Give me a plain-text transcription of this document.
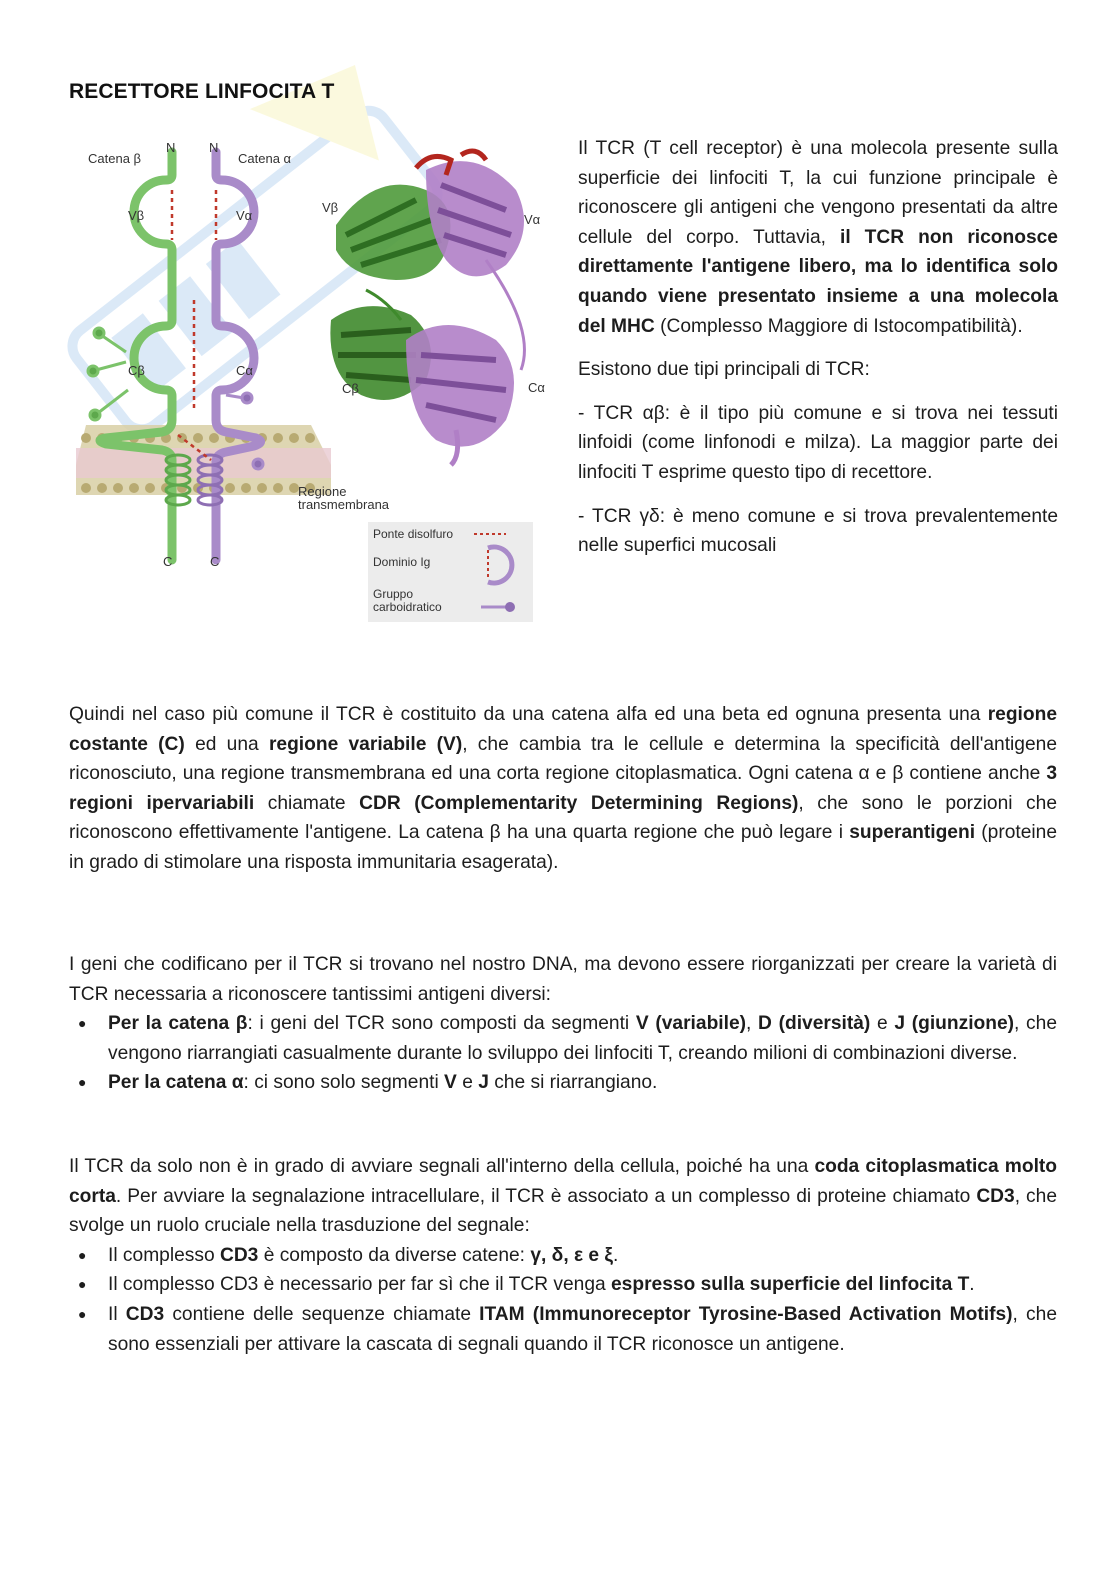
RECETTORE LINFOCITA T
Catena β
N	N
Catena α
Vβ	Vα
Cβ	Cα
C	C
Regione
transmembrana
Vβ
Vα
Cβ	Cα
Ponte disolfuro
Dominio Ig
Gruppo
carboidratico

Il TCR (T cell receptor) è una molecola presente sulla superficie dei linfociti T, la cui funzione principale è riconoscere gli antigeni che vengono presentati da altre cellule del corpo. Tuttavia, il TCR non riconosce direttamente l'antigene libero, ma lo identifica solo quando viene presentato insieme a una molecola del MHC (Complesso Maggiore di Istocompatibilità).

Esistono due tipi principali di TCR:

- TCR αβ: è il tipo più comune e si trova nei tessuti linfoidi (come linfonodi e milza). La maggior parte dei linfociti T esprime questo tipo di recettore.

- TCR γδ: è meno comune e si trova prevalentemente nelle superfici mucosali

Quindi nel caso più comune il TCR è costituito da una catena alfa ed una beta ed ognuna presenta una regione costante (C) ed una regione variabile (V), che cambia tra le cellule e determina la specificità dell'antigene riconosciuto, una regione transmembrana ed una corta regione citoplasmatica. Ogni catena α e β contiene anche 3 regioni ipervariabili chiamate CDR (Complementarity Determining Regions), che sono le porzioni che riconoscono effettivamente l'antigene. La catena β ha una quarta regione che può legare i superantigeni (proteine in grado di stimolare una risposta immunitaria esagerata).

I geni che codificano per il TCR si trovano nel nostro DNA, ma devono essere riorganizzati per creare la varietà di TCR necessaria a riconoscere tantissimi antigeni diversi:

● Per la catena β: i geni del TCR sono composti da segmenti V (variabile), D (diversità) e J (giunzione), che vengono riarrangiati casualmente durante lo sviluppo dei linfociti T, creando milioni di combinazioni diverse.
● Per la catena α: ci sono solo segmenti V e J che si riarrangiano.

Il TCR da solo non è in grado di avviare segnali all'interno della cellula, poiché ha una coda citoplasmatica molto corta. Per avviare la segnalazione intracellulare, il TCR è associato a un complesso di proteine chiamato CD3, che svolge un ruolo cruciale nella trasduzione del segnale:

● Il complesso CD3 è composto da diverse catene: γ, δ, ε e ξ.
● Il complesso CD3 è necessario per far sì che il TCR venga espresso sulla superficie del linfocita T.
● Il CD3 contiene delle sequenze chiamate ITAM (Immunoreceptor Tyrosine-Based Activation Motifs), che sono essenziali per attivare la cascata di segnali quando il TCR riconosce un antigene.
